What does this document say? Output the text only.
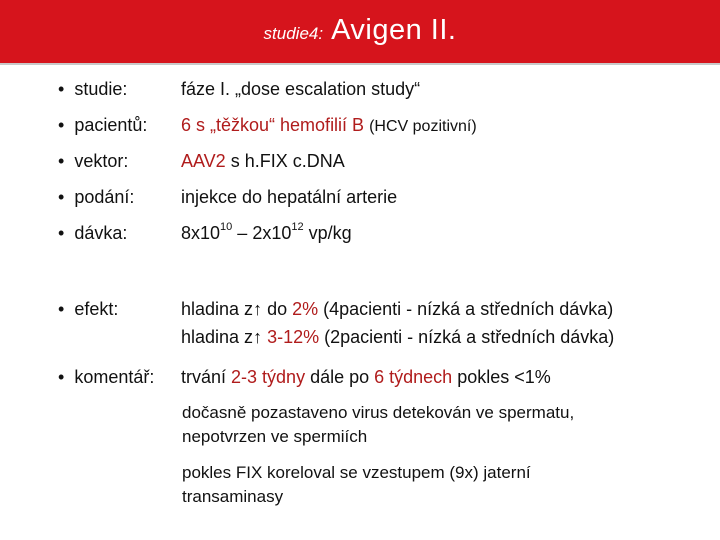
studie4: Avigen II.
• studie:	fáze I. „dose escalation study“
• pacientů: 6 s „těžkou“ hemofilií B (HCV pozitivní)
• vektor:	AAV2 s h.FIX c.DNA
• podání:	injekce do hepatální arterie
• dávka:	$8x10^{10} - 2x10^{12}$ vp/kg
• efekt:	hladina z↑ do 2% (4pacienti - nízká a středních dávka)
hladina z↑ 3-12% (2pacienti - nízká a středních dávka)
• komentář: trvání 2-3 týdny dále po 6 týdnech pokles <1%
dočasně pozastaveno virus detekován ve spermatu,
nepotvrzen ve spermiích
pokles FIX koreloval se vzestupem (9x) jaterní
transaminasy
